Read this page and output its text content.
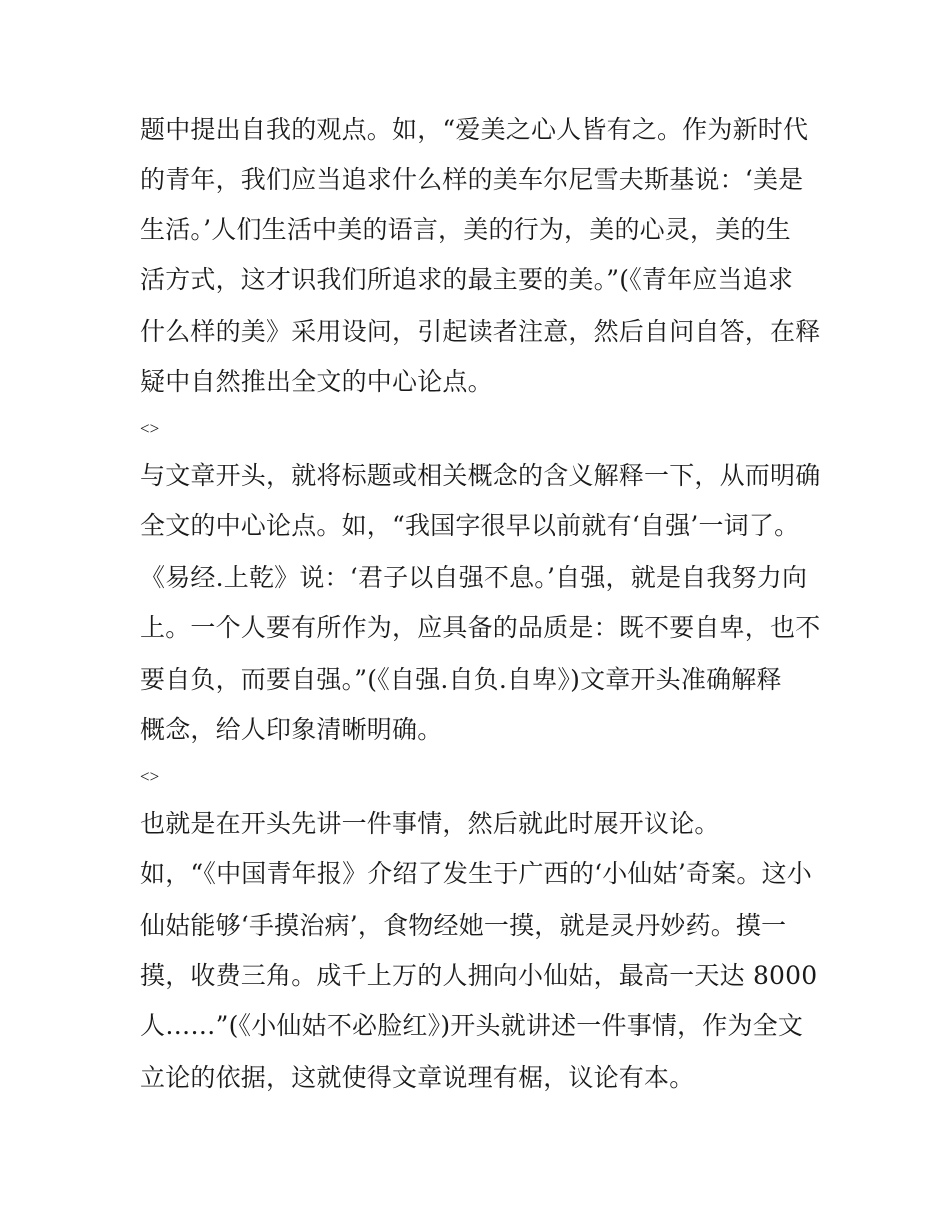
题中提出自我的观点。如，“爱美之心人皆有之。作为新时代
的青年，我们应当追求什么样的美车尔尼雪夫斯基说：‘美是
生活。’人们生活中美的语言，美的行为，美的心灵，美的生
活方式，这才识我们所追求的最主要的美。”(《青年应当追求
什么样的美》采用设问，引起读者注意，然后自问自答，在释
疑中自然推出全文的中心论点。
<>
与文章开头，就将标题或相关概念的含义解释一下，从而明确
全文的中心论点。如，“我国字很早以前就有‘自强’一词了。
《易经.上乾》说：‘君子以自强不息。’自强，就是自我努力向
上。一个人要有所作为，应具备的品质是：既不要自卑，也不
要自负，而要自强。”(《自强.自负.自卑》)文章开头准确解释
概念，给人印象清晰明确。
<>
也就是在开头先讲一件事情，然后就此时展开议论。
如，“《中国青年报》介绍了发生于广西的‘小仙姑’奇案。这小
仙姑能够‘手摸治病’，食物经她一摸，就是灵丹妙药。摸一
摸，收费三角。成千上万的人拥向小仙姑，最高一天达 8000
人……”(《小仙姑不必脸红》)开头就讲述一件事情，作为全文
立论的依据，这就使得文章说理有椐，议论有本。
